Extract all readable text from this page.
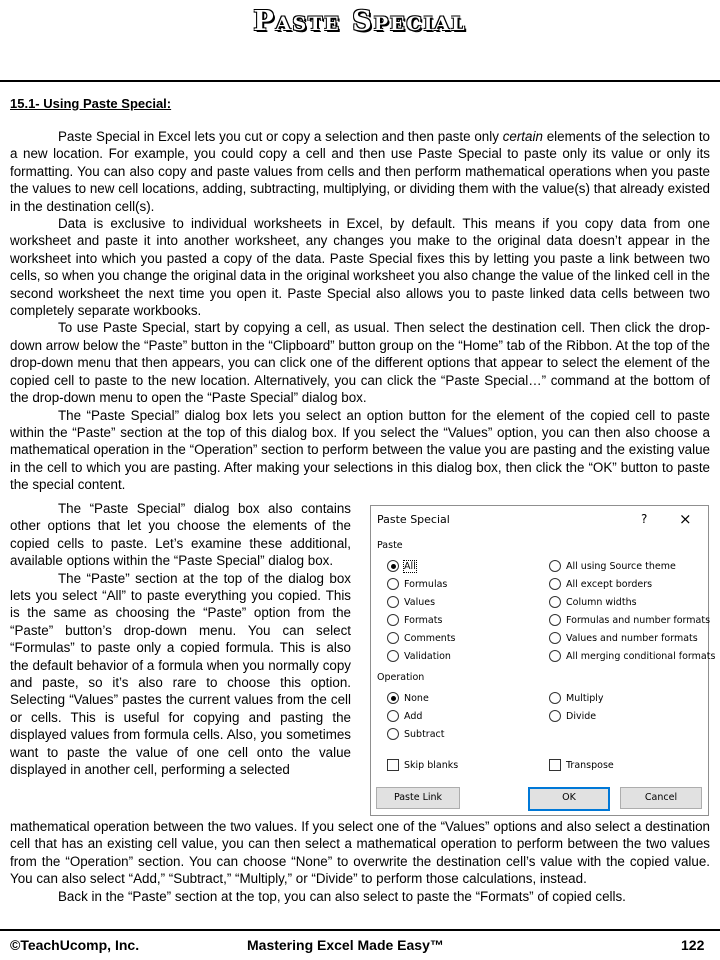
Paste Special
15.1- Using Paste Special:

Paste Special in Excel lets you cut or copy a selection and then paste only certain elements of the selection to a new location. For example, you could copy a cell and then use Paste Special to paste only its value or only its formatting. You can also copy and paste values from cells and then perform mathematical operations when you paste the values to new cell locations, adding, subtracting, multiplying, or dividing them with the value(s) that already existed in the destination cell(s).

Data is exclusive to individual worksheets in Excel, by default. This means if you copy data from one worksheet and paste it into another worksheet, any changes you make to the original data doesn’t appear in the worksheet into which you pasted a copy of the data. Paste Special fixes this by letting you paste a link between two cells, so when you change the original data in the original worksheet you also change the value of the linked cell in the second worksheet the next time you open it. Paste Special also allows you to paste linked data cells between two completely separate workbooks.

To use Paste Special, start by copying a cell, as usual. Then select the destination cell. Then click the drop-down arrow below the “Paste” button in the “Clipboard” button group on the “Home” tab of the Ribbon. At the top of the drop-down menu that then appears, you can click one of the different options that appear to select the element of the copied cell to paste to the new location. Alternatively, you can click the “Paste Special…” command at the bottom of the drop-down menu to open the “Paste Special” dialog box.

The “Paste Special” dialog box lets you select an option button for the element of the copied cell to paste within the “Paste” section at the top of this dialog box. If you select the “Values” option, you can then also choose a mathematical operation in the “Operation” section to perform between the value you are pasting and the existing value in the cell to which you are pasting. After making your selections in this dialog box, then click the “OK” button to paste the special content.

The “Paste Special” dialog box also contains other options that let you choose the elements of the copied cells to paste. Let’s examine these additional, available options within the “Paste Special” dialog box.

The “Paste” section at the top of the dialog box lets you select “All” to paste everything you copied. This is the same as choosing the “Paste” option from the “Paste” button’s drop-down menu. You can select “Formulas” to paste only a copied formula. This is also the default behavior of a formula when you normally copy and paste, so it’s also rare to choose this option. Selecting “Values” pastes the current values from the cell or cells. This is useful for copying and pasting the displayed values from formula cells. Also, you sometimes want to paste the value of one cell onto the value displayed in another cell, performing a selected

mathematical operation between the two values. If you select one of the “Values” options and also select a destination cell that has an existing cell value, you can then select a mathematical operation to perform between the two values from the “Operation” section. You can choose “None” to overwrite the destination cell’s value with the copied value. You can also select “Add,” “Subtract,” “Multiply,” or “Divide” to perform those calculations, instead.

Back in the “Paste” section at the top, you can also select to paste the “Formats” of copied cells.

Paste Special	? ×
Paste
All
Formulas
Values
Formats
Comments
Validation
All using Source theme
All except borders
Column widths
Formulas and number formats
Values and number formats
All merging conditional formats
Operation
None
Add
Subtract
Multiply
Divide
Skip blanks	Transpose
Paste Link	OK	Cancel
©TeachUcomp, Inc.	Mastering Excel Made Easy™	122
